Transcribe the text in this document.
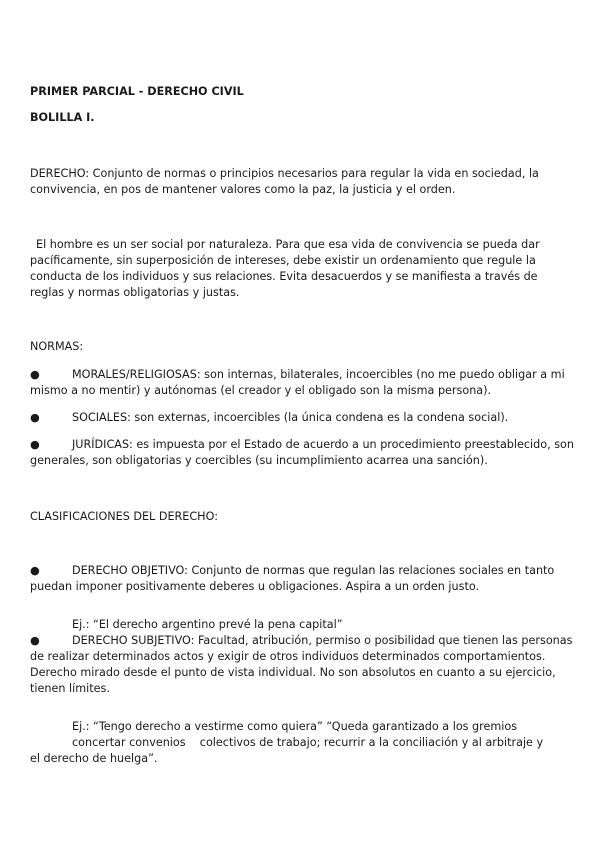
PRIMER PARCIAL - DERECHO CIVIL

BOLILLA I.

DERECHO: Conjunto de normas o principios necesarios para regular la vida en sociedad, la convivencia, en pos de mantener valores como la paz, la justicia y el orden.

El hombre es un ser social por naturaleza. Para que esa vida de convivencia se pueda dar pacíficamente, sin superposición de intereses, debe existir un ordenamiento que regule la conducta de los individuos y sus relaciones. Evita desacuerdos y se manifiesta a través de reglas y normas obligatorias y justas.

NORMAS:

●	MORALES/RELIGIOSAS: son internas, bilaterales, incoercibles (no me puedo obligar a mi mismo a no mentir) y autónomas (el creador y el obligado son la misma persona).
●	SOCIALES: son externas, incoercibles (la única condena es la condena social).
●	JURÍDICAS: es impuesta por el Estado de acuerdo a un procedimiento preestablecido, son generales, son obligatorias y coercibles (su incumplimiento acarrea una sanción).

CLASIFICACIONES DEL DERECHO:

●	DERECHO OBJETIVO: Conjunto de normas que regulan las relaciones sociales en tanto puedan imponer positivamente deberes u obligaciones. Aspira a un orden justo.

Ej.: “El derecho argentino prevé la pena capital”

●	DERECHO SUBJETIVO: Facultad, atribución, permiso o posibilidad que tienen las personas de realizar determinados actos y exigir de otros individuos determinados comportamientos. Derecho mirado desde el punto de vista individual. No son absolutos en cuanto a su ejercicio, tienen límites.

Ej.: “Tengo derecho a vestirme como quiera” “Queda garantizado a los gremios concertar convenios    colectivos de trabajo; recurrir a la conciliación y al arbitraje y

el derecho de huelga”.
